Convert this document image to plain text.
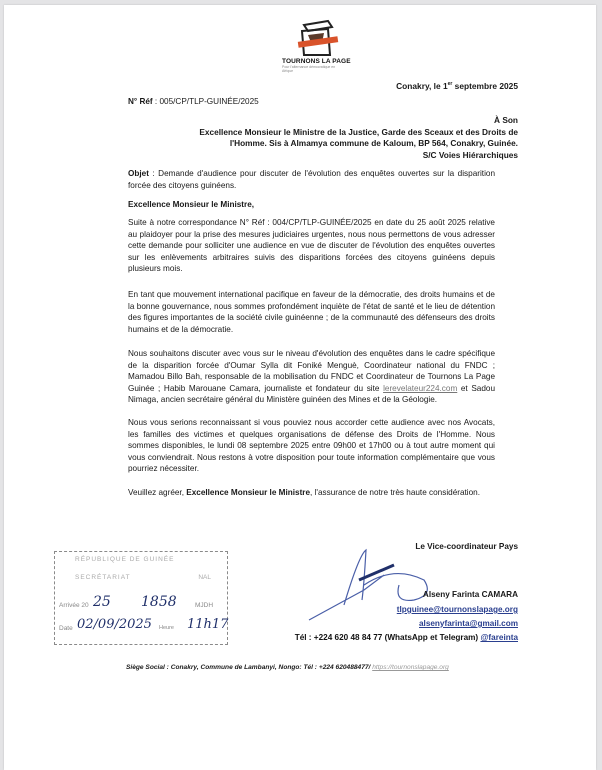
TOURNONS LA PAGE
Pour l'alternance démocratique en Afrique
Conakry, le 1er septembre 2025
N° Réf : 005/CP/TLP-GUINÉE/2025
À Son
Excellence Monsieur le Ministre de la Justice, Garde des Sceaux et des Droits de
l'Homme. Sis à Almamya commune de Kaloum, BP 564, Conakry, Guinée.
S/C Voies Hiérarchiques
Objet : Demande d'audience pour discuter de l'évolution des enquêtes ouvertes sur la disparition forcée des citoyens guinéens.
Excellence Monsieur le Ministre,
Suite à notre correspondance N° Réf : 004/CP/TLP-GUINÉE/2025 en date du 25 août 2025 relative au plaidoyer pour la prise des mesures judiciaires urgentes, nous nous permettons de vous adresser cette demande pour solliciter une audience en vue de discuter de l'évolution des enquêtes ouvertes sur les enlèvements arbitraires suivis des disparitions forcées des citoyens guinéens depuis plusieurs mois.
En tant que mouvement international pacifique en faveur de la démocratie, des droits humains et de la bonne gouvernance, nous sommes profondément inquiète de l'état de santé et le lieu de détention des figures importantes de la société civile guinéenne ; de la communauté des défenseurs des droits humains et de la démocratie.
Nous souhaitons discuter avec vous sur le niveau d'évolution des enquêtes dans le cadre spécifique de la disparition forcée d'Oumar Sylla dit Foniké Menguè, Coordinateur national du FNDC ; Mamadou Billo Bah, responsable de la mobilisation du FNDC et Coordinateur de Tournons La Page Guinée ; Habib Marouane Camara, journaliste et fondateur du site lerevelateur224.com et Sadou Nimaga, ancien secrétaire général du Ministère guinéen des Mines et de la Géologie.
Nous vous serions reconnaissant si vous pouviez nous accorder cette audience avec nos Avocats, les familles des victimes et quelques organisations de défense des Droits de l'Homme. Nous sommes disponibles, le lundi 08 septembre 2025 entre 09h00 et 17h00 ou à tout autre moment qui vous conviendrait. Nous restons à votre disposition pour toute information complémentaire que vous pourriez nécessiter.
Veuillez agréer, Excellence Monsieur le Ministre, l'assurance de notre très haute considération.
Le Vice-coordinateur Pays
Alseny Farinta CAMARA
tlpguinee@tournonslapage.org
alsenyfarinta@gmail.com
Tél : +224 620 48 84 77 (WhatsApp et Telegram) @fareinta
RÉPUBLIQUE DE GUINÉE
SECRÉTARIAT	NAL
Arrivée 20 25 1858	MJDH
Date 02/09/2025 Heure 11h17
Siège Social : Conakry, Commune de Lambanyi, Nongo: Tél : +224 620488477/ https://tournonslapage.org
